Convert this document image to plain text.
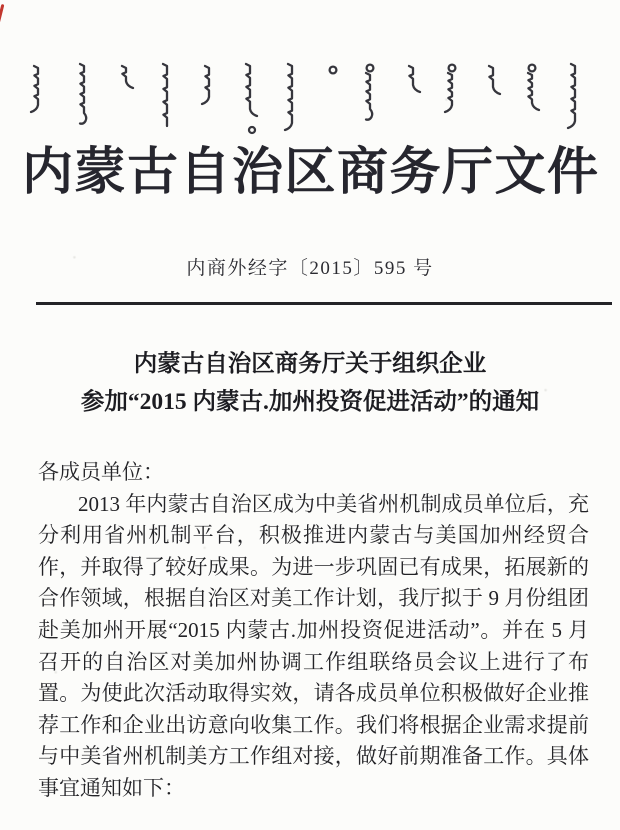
内蒙古自治区商务厅文件
内商外经字〔2015〕595 号
内蒙古自治区商务厅关于组织企业
参加“2015 内蒙古.加州投资促进活动”的通知
各成员单位：
2013 年内蒙古自治区成为中美省州机制成员单位后，充
分利用省州机制平台，积极推进内蒙古与美国加州经贸合
作，并取得了较好成果。为进一步巩固已有成果，拓展新的
合作领域，根据自治区对美工作计划，我厅拟于 9 月份组团
赴美加州开展“2015 内蒙古.加州投资促进活动”。并在 5 月
召开的自治区对美加州协调工作组联络员会议上进行了布
置。为使此次活动取得实效，请各成员单位积极做好企业推
荐工作和企业出访意向收集工作。我们将根据企业需求提前
与中美省州机制美方工作组对接，做好前期准备工作。具体
事宜通知如下：
